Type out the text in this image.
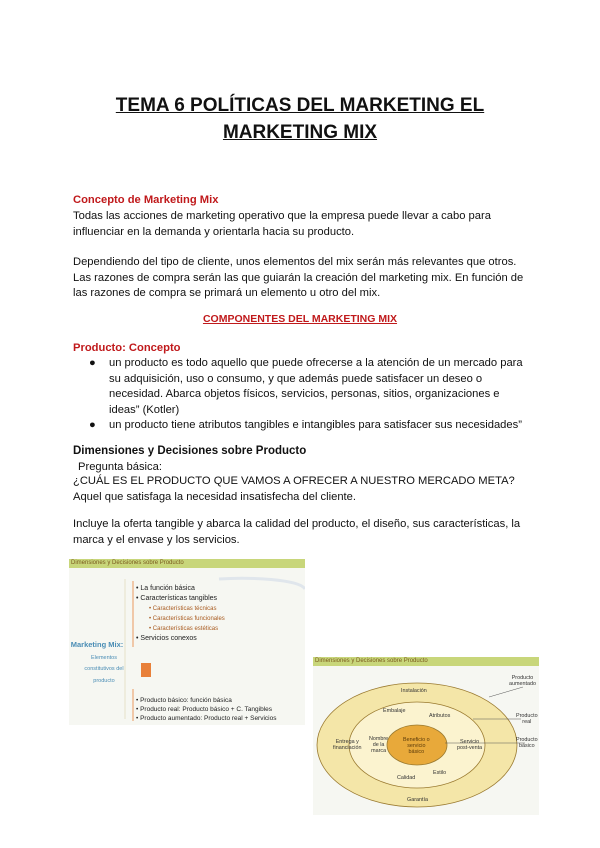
TEMA 6 POLÍTICAS DEL MARKETING EL
MARKETING MIX
Concepto de Marketing Mix
Todas las acciones de marketing operativo que la empresa puede llevar a cabo para
influenciar en la demanda y orientarla hacia su producto.
Dependiendo del tipo de cliente, unos elementos del mix serán más relevantes que otros.
Las razones de compra serán las que guiarán la creación del marketing mix. En función de
las razones de compra se primará un elemento u otro del mix.
COMPONENTES DEL MARKETING MIX
Producto: Concepto
● un producto es todo aquello que puede ofrecerse a la atención de un mercado para
su adquisición, uso o consumo, y que además puede satisfacer un deseo o
necesidad. Abarca objetos físicos, servicios, personas, sitios, organizaciones e
ideas” (Kotler)
● un producto tiene atributos tangibles e intangibles para satisfacer sus necesidades”
Dimensiones y Decisiones sobre Producto
Pregunta básica:
¿CUÁL ES EL PRODUCTO QUE VAMOS A OFRECER A NUESTRO MERCADO META?
Aquel que satisfaga la necesidad insatisfecha del cliente.
Incluye la oferta tangible y abarca la calidad del producto, el diseño, sus características, la
marca y el envase y los servicios.
Dimensiones y Decisiones sobre Producto
Marketing Mix:
Elementos
constitutivos del
producto
• La función básica
• Características tangibles
• Características técnicas
• Características funcionales
• Características estéticas
• Servicios conexos
• Producto básico: función básica
• Producto real: Producto básico + C. Tangibles
• Producto aumentado: Producto real + Servicios
Dimensiones y Decisiones sobre Producto
Instalación
Embalaje
Atributos
Entrega y
financiación
Nombre
de la
marca
Beneficio o
servicio
básico
Servicio
post-venta
Calidad
Estilo
Garantía
Producto
aumentado
Producto
real
Producto
básico
